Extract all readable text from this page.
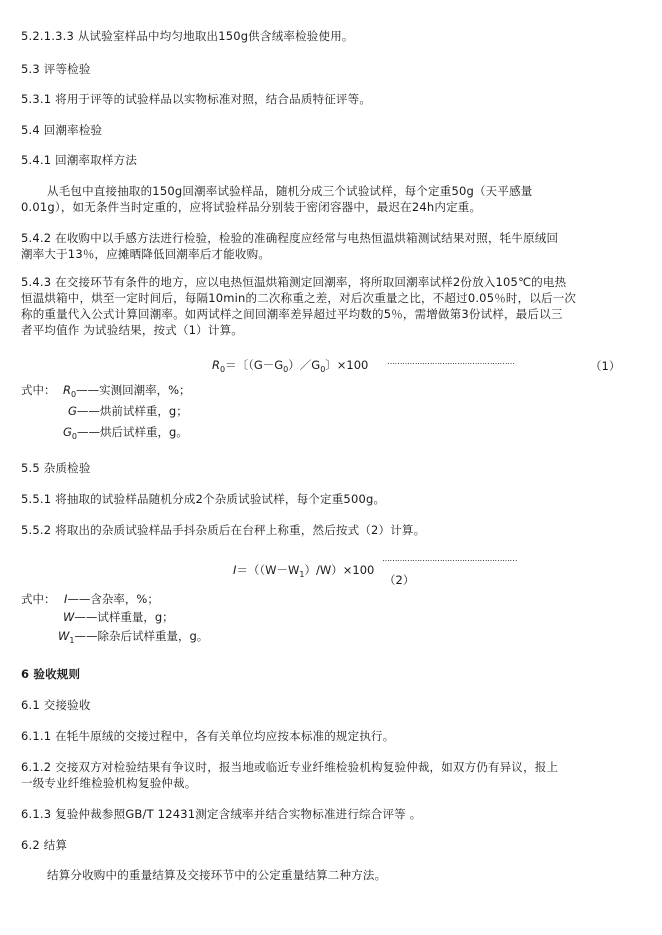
5.2.1.3.3 从试验室样品中均匀地取出150g供含绒率检验使用。
5.3 评等检验
5.3.1 将用于评等的试验样品以实物标准对照，结合品质特征评等。
5.4 回潮率检验
5.4.1 回潮率取样方法
从毛包中直接抽取的150g回潮率试验样品，随机分成三个试验试样，每个定重50g（天平感量
0.01g），如无条件当时定重的，应将试验样品分别装于密闭容器中，最迟在24h内定重。
5.4.2 在收购中以手感方法进行检验，检验的准确程度应经常与电热恒温烘箱测试结果对照，牦牛原绒回
潮率大于13％，应摊晒降低回潮率后才能收购。
5.4.3 在交接环节有条件的地方，应以电热恒温烘箱测定回潮率，将所取回潮率试样2份放入105℃的电热
恒温烘箱中，烘至一定时间后，每隔10min的二次称重之差，对后次重量之比，不超过0.05％时，以后一次
称的重量代入公式计算回潮率。如两试样之间回潮率差异超过平均数的5％，需增做第3份试样，最后以三
者平均值作 为试验结果，按式（1）计算。
$R_0=$〔$(G-G_0)/G_0$〕×100 ……………………………………………	（1）
式中： $R_0——$实测回潮率，%；
G——烘前试样重，g；
$G_0——$烘后试样重，g。
5.5 杂质检验
5.5.1 将抽取的试验样品随机分成2个杂质试验试样，每个定重500g。
5.5.2 将取出的杂质试验样品手抖杂质后在台秤上称重，然后按式（2）计算。
$I=((W-W_1)/W)\times 100$
………………………………………………
（2）
式中： I——含杂率，%；
W——试样重量，g；
$W_1——$除杂后试样重量，g。
6 验收规则
6.1 交接验收
6.1.1 在牦牛原绒的交接过程中，各有关单位均应按本标准的规定执行。
6.1.2 交接双方对检验结果有争议时，报当地或临近专业纤维检验机构复验仲裁，如双方仍有异议，报上
一级专业纤维检验机构复验仲裁。
6.1.3 复验仲裁参照GB/T 12431测定含绒率并结合实物标准进行综合评等 。
6.2 结算
结算分收购中的重量结算及交接环节中的公定重量结算二种方法。
